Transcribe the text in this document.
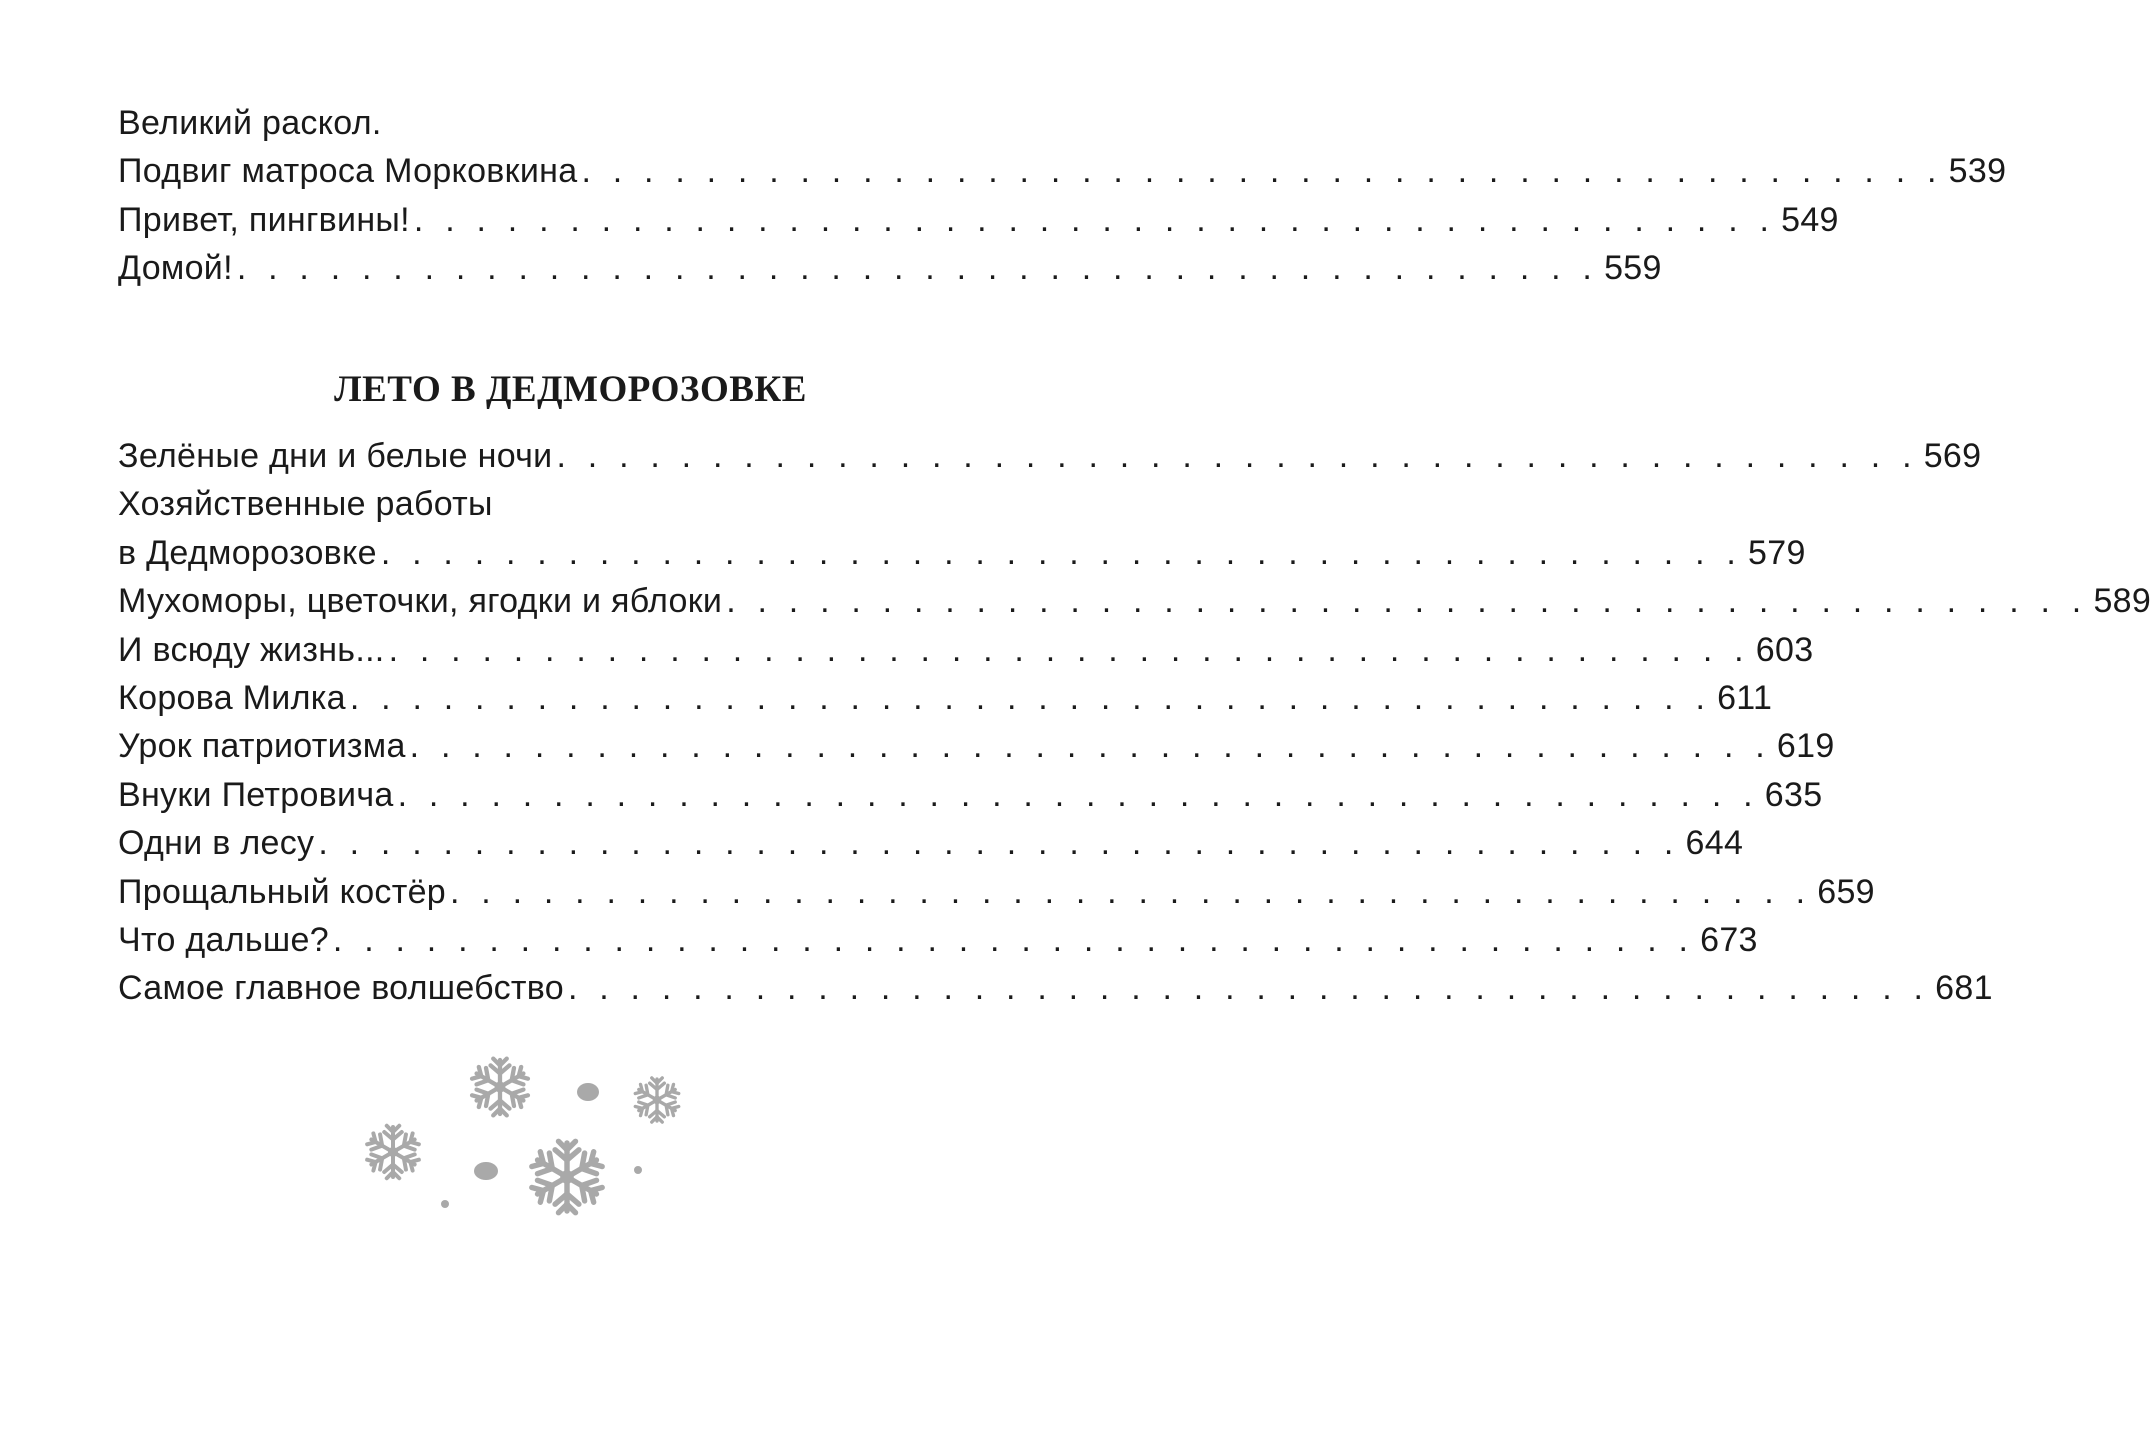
Великий раскол.
Подвиг матроса Морковкина . . . . . . . . . . . . . . . . . . . . . . . . . . . . . . . . . . . . . . . . . . . . 539
Привет, пингвины! . . . . . . . . . . . . . . . . . . . . . . . . . . . . . . . . . . . . . . . . . . . . 549
Домой! . . . . . . . . . . . . . . . . . . . . . . . . . . . . . . . . . . . . . . . . . . . . 559
ЛЕТО В ДЕДМОРОЗОВКЕ
Зелёные дни и белые ночи . . . . . . . . . . . . . . . . . . . . . . . . . . . . . . . . . . . . . . . . . . . . 569
Хозяйственные работы
в Дедморозовке . . . . . . . . . . . . . . . . . . . . . . . . . . . . . . . . . . . . . . . . . . . . 579
Мухоморы, цветочки, ягодки и яблоки . . . . . . . . . . . . . . . . . . . . . . . . . . . . . . . . . . . . . . . . . . . . 589
И всюду жизнь... . . . . . . . . . . . . . . . . . . . . . . . . . . . . . . . . . . . . . . . . . . . . 603
Корова Милка . . . . . . . . . . . . . . . . . . . . . . . . . . . . . . . . . . . . . . . . . . . . 611
Урок патриотизма . . . . . . . . . . . . . . . . . . . . . . . . . . . . . . . . . . . . . . . . . . . . 619
Внуки Петровича . . . . . . . . . . . . . . . . . . . . . . . . . . . . . . . . . . . . . . . . . . . . 635
Одни в лесу . . . . . . . . . . . . . . . . . . . . . . . . . . . . . . . . . . . . . . . . . . . . 644
Прощальный костёр . . . . . . . . . . . . . . . . . . . . . . . . . . . . . . . . . . . . . . . . . . . . 659
Что дальше? . . . . . . . . . . . . . . . . . . . . . . . . . . . . . . . . . . . . . . . . . . . . 673
Самое главное волшебство . . . . . . . . . . . . . . . . . . . . . . . . . . . . . . . . . . . . . . . . . . . . 681
